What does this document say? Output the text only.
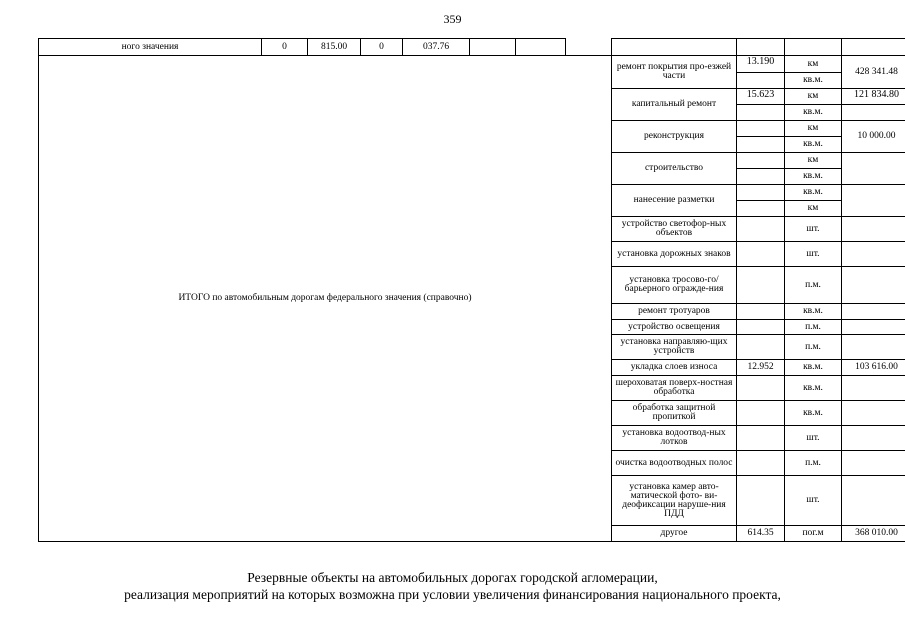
359
ного значения	0	815.00	0	037.76							
ИТОГО по автомобильным дорогам федерального значения (справочно)								ремонт покрытия про-езжей части	13.190	км	428 341.48
										кв.м.	
								капитальный ремонт	15.623	км	121 834.80
										кв.м.	
								реконструкция		км	10 000.00
										кв.м.	
								строительство		км	
										кв.м.	
								нанесение разметки		кв.м.	
										км	
								устройство светофор-ных объектов		шт.	
								установка дорожных знаков		шт.	
								установка тросово-го/барьерного огражде-ния		п.м.	
								ремонт тротуаров		кв.м.	
								устройство освещения		п.м.	
								установка направляю-щих устройств		п.м.	
								укладка слоев износа	12.952	кв.м.	103 616.00
								шероховатая поверх-ностная обработка		кв.м.	
								обработка защитной пропиткой		кв.м.	
								установка водоотвод-ных лотков		шт.	
								очистка водоотводных полос		п.м.	
								установка камер авто-матической фото- ви-деофиксации наруше-ния ПДД		шт.	
								другое	614.35	пог.м	368 010.00
Резервные объекты на автомобильных дорогах городской агломерации,
реализация мероприятий на которых возможна при условии увеличения финансирования национального проекта,
